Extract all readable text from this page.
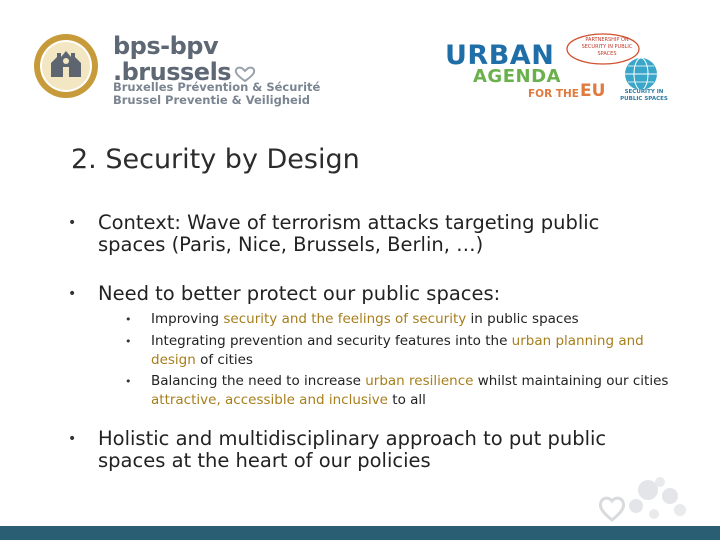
bps-bpv
.brussels
Bruxelles Prévention & Sécurité
Brussel Preventie & Veiligheid
URBAN
AGENDA
FOR THE EU
PARTNERSHIP ON SECURITY IN PUBLIC SPACES
SECURITY IN PUBLIC SPACES
2. Security by Design
• Context: Wave of terrorism attacks targeting public spaces (Paris, Nice, Brussels, Berlin, …)
• Need to better protect our public spaces:
• Improving security and the feelings of security in public spaces
• Integrating prevention and security features into the urban planning and design of cities
• Balancing the need to increase urban resilience whilst maintaining our cities attractive, accessible and inclusive to all
• Holistic and multidisciplinary approach to put public spaces at the heart of our policies
